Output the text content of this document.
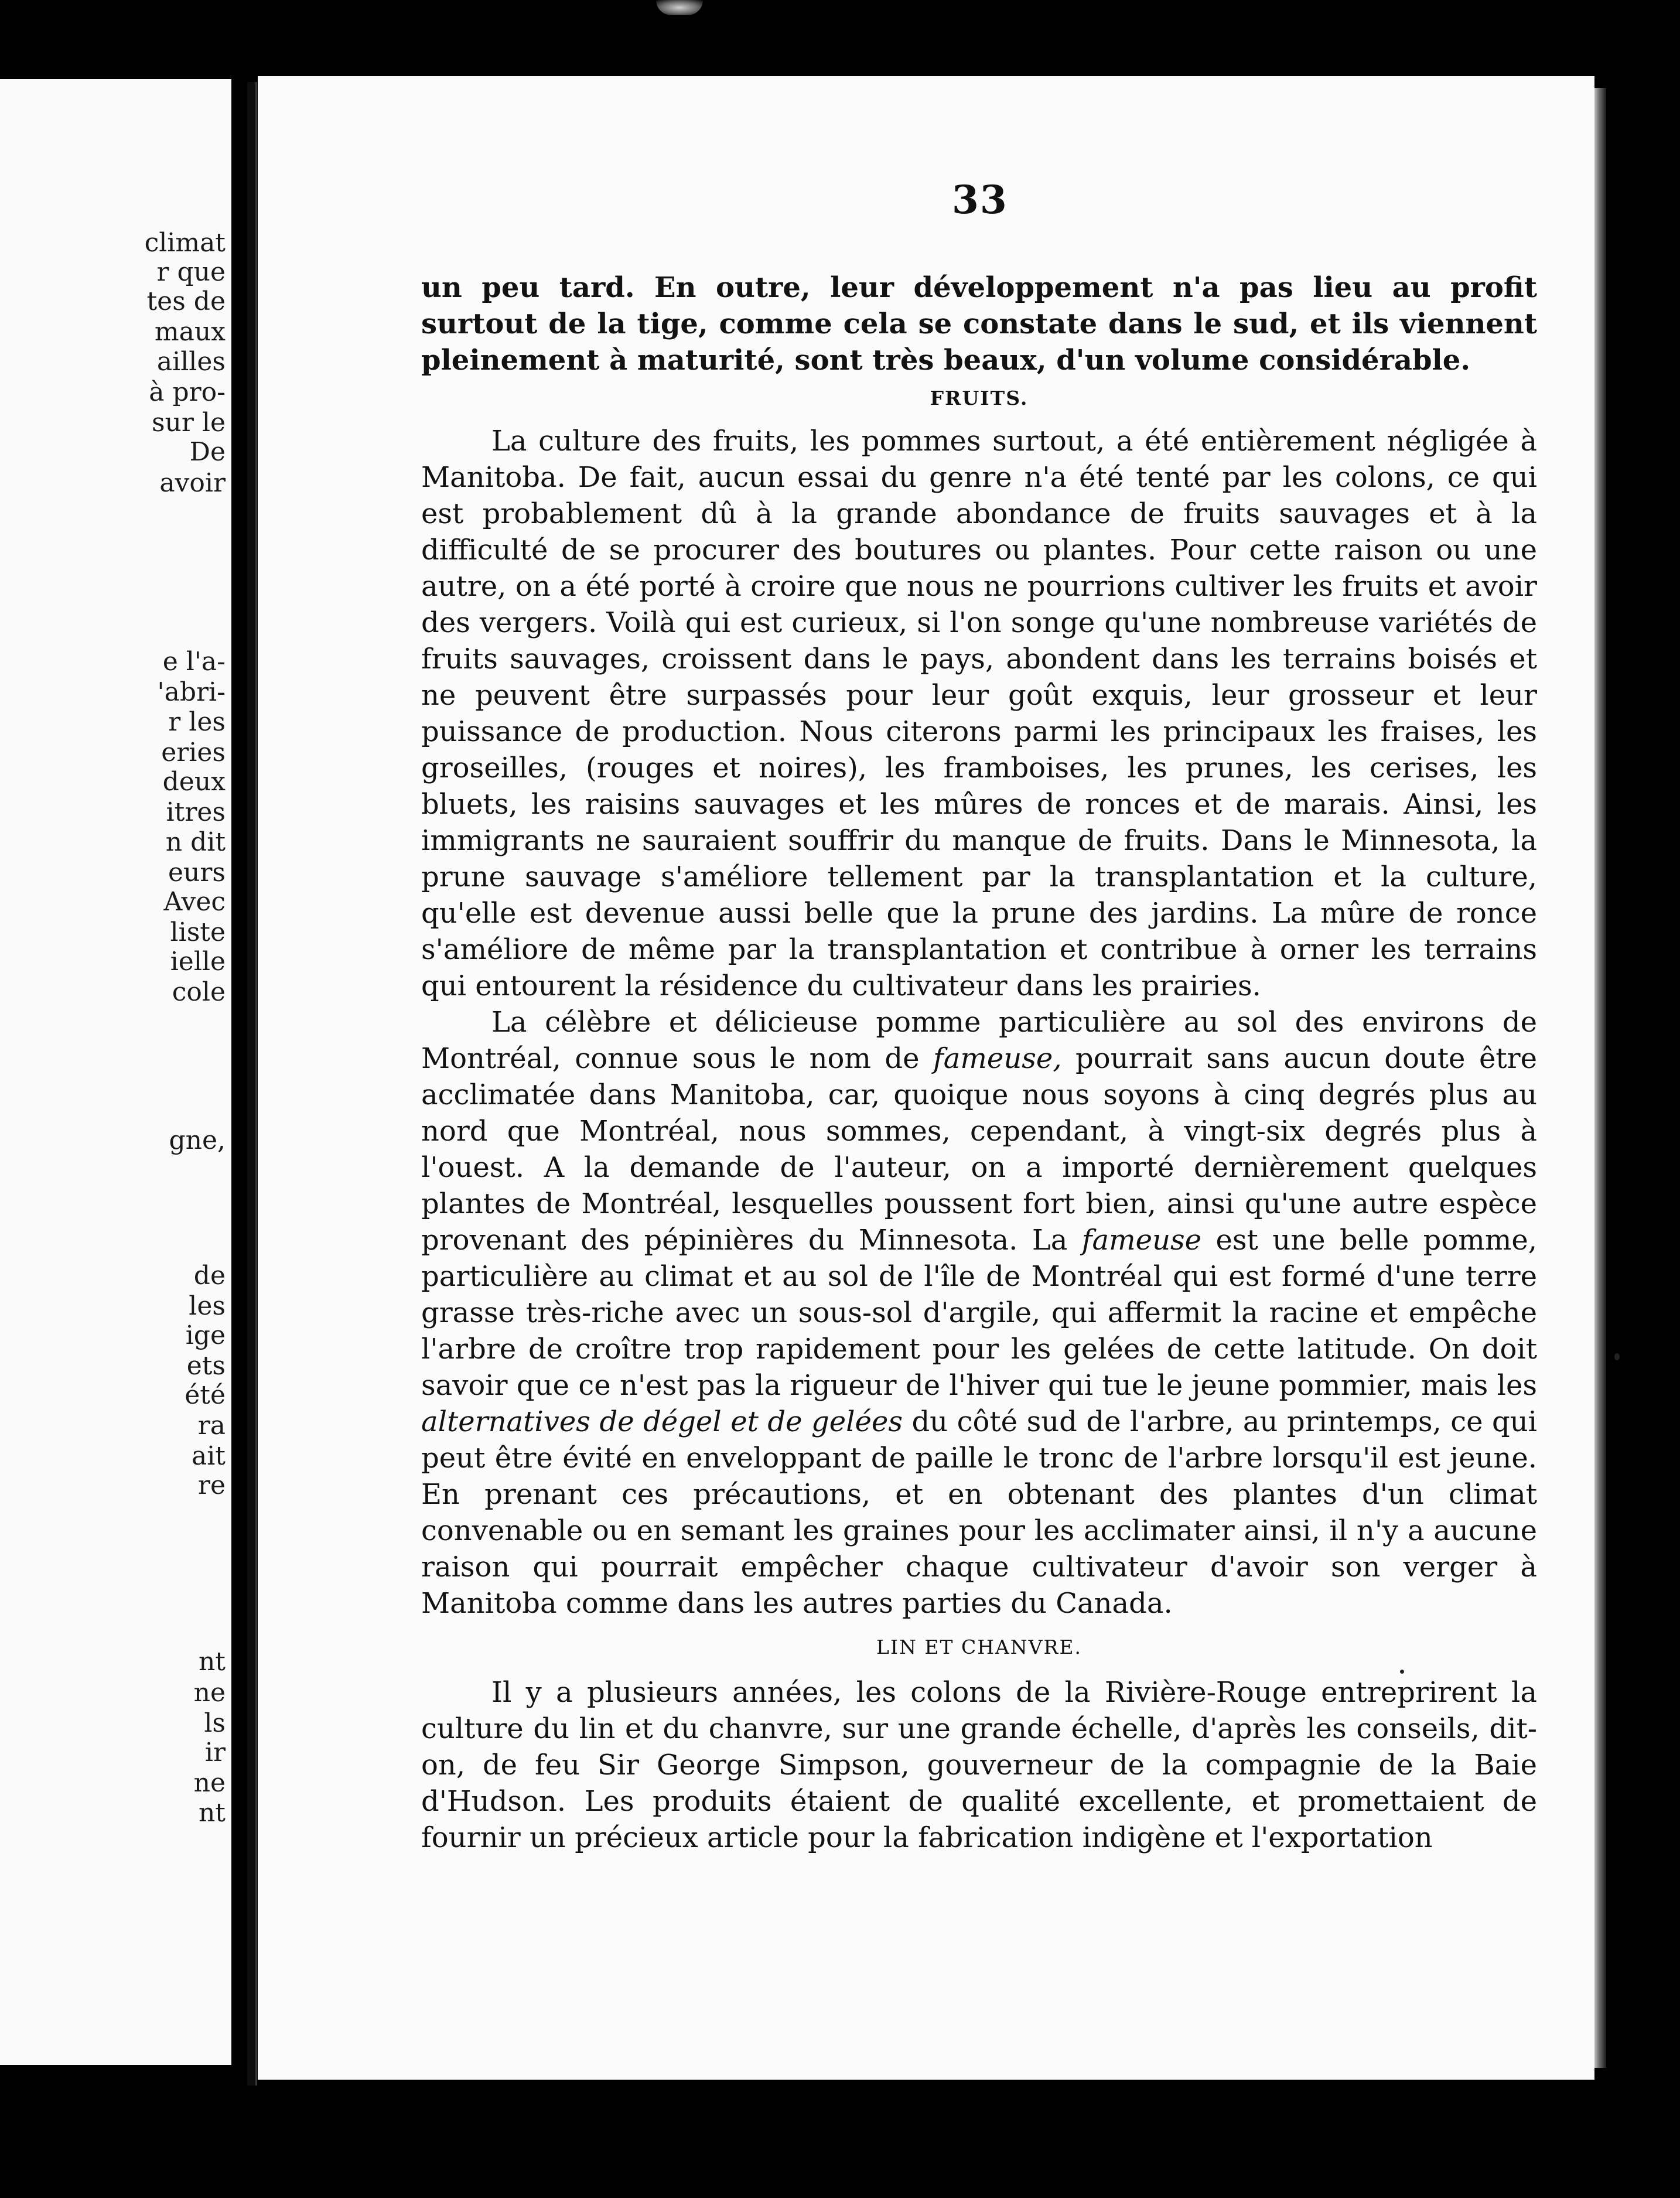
climat
r que
tes de
maux
ailles
à pro-
sur le
De
avoir
e l'a-
'abri-
r les
eries
deux
itres
n dit
eurs
Avec
liste
ielle
cole
gne,
de
les
ige
ets
été
ra
ait
re
nt
ne
ls
ir
ne
nt
33

un peu tard. En outre, leur développement n'a pas lieu au profit surtout de la tige, comme cela se constate dans le sud, et ils viennent pleinement à maturité, sont très beaux, d'un volume considérable.

FRUITS.

La culture des fruits, les pommes surtout, a été entièrement négligée à Manitoba. De fait, aucun essai du genre n'a été tenté par les colons, ce qui est probablement dû à la grande abondance de fruits sauvages et à la difficulté de se procurer des boutures ou plantes. Pour cette raison ou une autre, on a été porté à croire que nous ne pourrions cultiver les fruits et avoir des vergers. Voilà qui est curieux, si l'on songe qu'une nombreuse variétés de fruits sauvages, croissent dans le pays, abondent dans les terrains boisés et ne peuvent être surpassés pour leur goût exquis, leur grosseur et leur puissance de production. Nous citerons parmi les principaux les fraises, les groseilles, (rouges et noires), les framboises, les prunes, les cerises, les bluets, les raisins sauvages et les mûres de ronces et de marais. Ainsi, les immigrants ne sauraient souffrir du manque de fruits. Dans le Minnesota, la prune sauvage s'améliore tellement par la transplantation et la culture, qu'elle est devenue aussi belle que la prune des jardins. La mûre de ronce s'améliore de même par la transplantation et contribue à orner les terrains qui entourent la résidence du cultivateur dans les prairies.

La célèbre et délicieuse pomme particulière au sol des environs de Montréal, connue sous le nom de fameuse, pourrait sans aucun doute être acclimatée dans Manitoba, car, quoique nous soyons à cinq degrés plus au nord que Montréal, nous sommes, cependant, à vingt-six degrés plus à l'ouest. A la demande de l'auteur, on a importé dernièrement quelques plantes de Montréal, lesquelles poussent fort bien, ainsi qu'une autre espèce provenant des pépinières du Minnesota. La fameuse est une belle pomme, particulière au climat et au sol de l'île de Montréal qui est formé d'une terre grasse très-riche avec un sous-sol d'argile, qui affermit la racine et empêche l'arbre de croître trop rapidement pour les gelées de cette latitude. On doit savoir que ce n'est pas la rigueur de l'hiver qui tue le jeune pommier, mais les alternatives de dégel et de gelées du côté sud de l'arbre, au printemps, ce qui peut être évité en enveloppant de paille le tronc de l'arbre lorsqu'il est jeune. En prenant ces précautions, et en obtenant des plantes d'un climat convenable ou en semant les graines pour les acclimater ainsi, il n'y a aucune raison qui pourrait empêcher chaque cultivateur d'avoir son verger à Manitoba comme dans les autres parties du Canada.

LIN ET CHANVRE.

Il y a plusieurs années, les colons de la Rivière-Rouge entreprirent la culture du lin et du chanvre, sur une grande échelle, d'après les conseils, dit-on, de feu Sir George Simpson, gouverneur de la compagnie de la Baie d'Hudson. Les produits étaient de qualité excellente, et promettaient de fournir un précieux article pour la fabrication indigène et l'exportation
